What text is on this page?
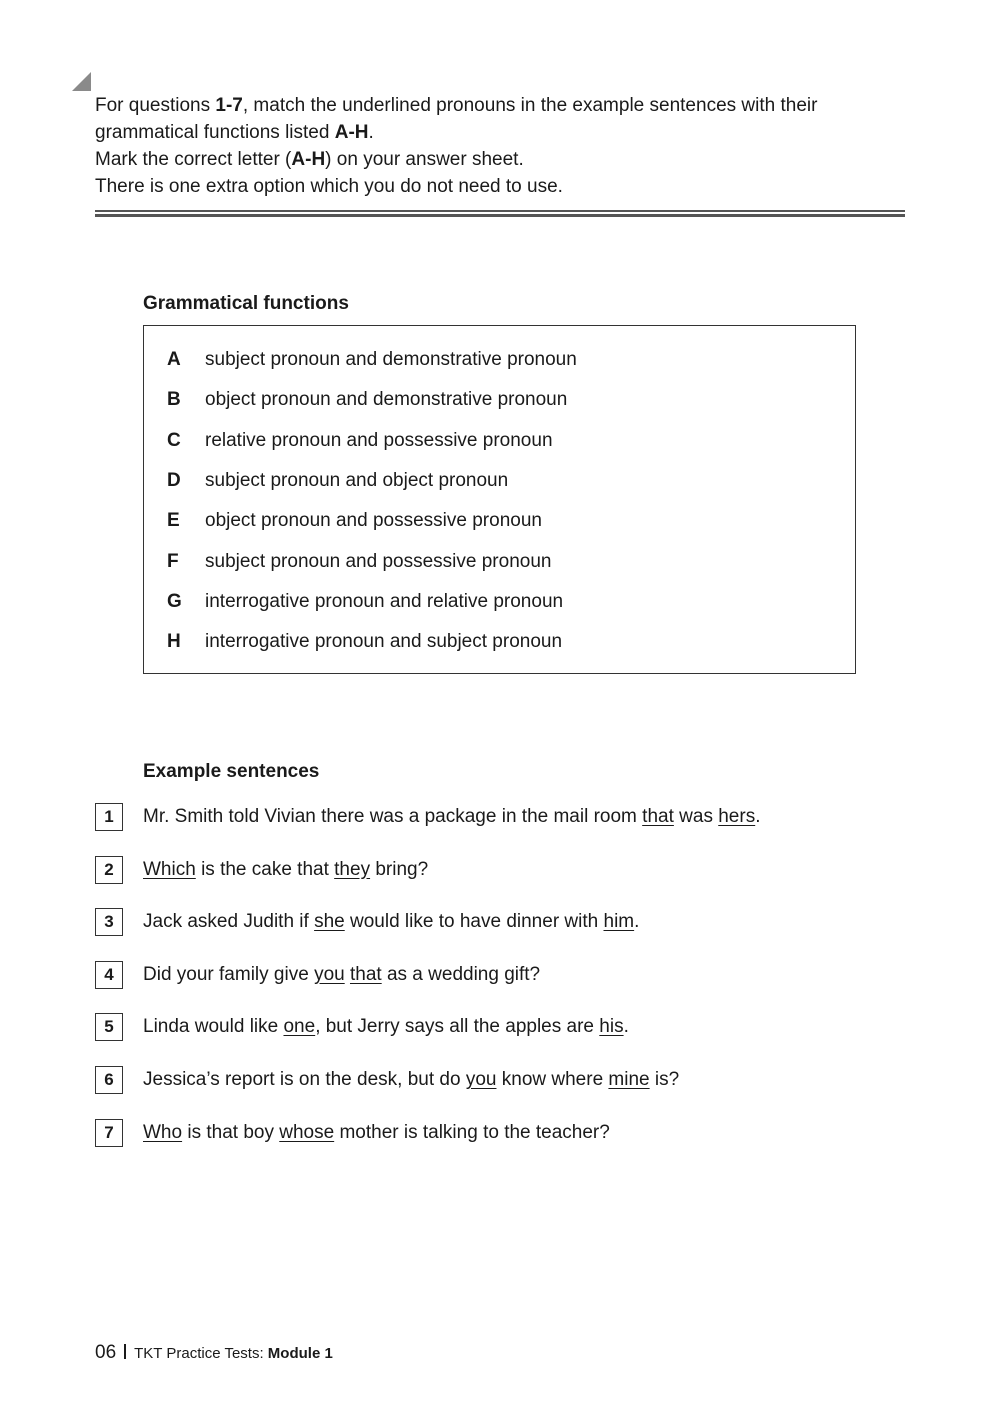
For questions 1-7, match the underlined pronouns in the example sentences with their

grammatical functions listed A-H.

Mark the correct letter (A-H) on your answer sheet.

There is one extra option which you do not need to use.

Grammatical functions
A subject pronoun and demonstrative pronoun
B object pronoun and demonstrative pronoun
C relative pronoun and possessive pronoun
D subject pronoun and object pronoun
E object pronoun and possessive pronoun
F subject pronoun and possessive pronoun
G interrogative pronoun and relative pronoun
H interrogative pronoun and subject pronoun
Example sentences
1	Mr. Smith told Vivian there was a package in the mail room that was hers.
2	Which is the cake that they bring?
3	Jack asked Judith if she would like to have dinner with him.
4	Did your family give you that as a wedding gift?
5	Linda would like one, but Jerry says all the apples are his.
6	Jessica’s report is on the desk, but do you know where mine is?
7	Who is that boy whose mother is talking to the teacher?
06 TKT Practice Tests: Module 1
